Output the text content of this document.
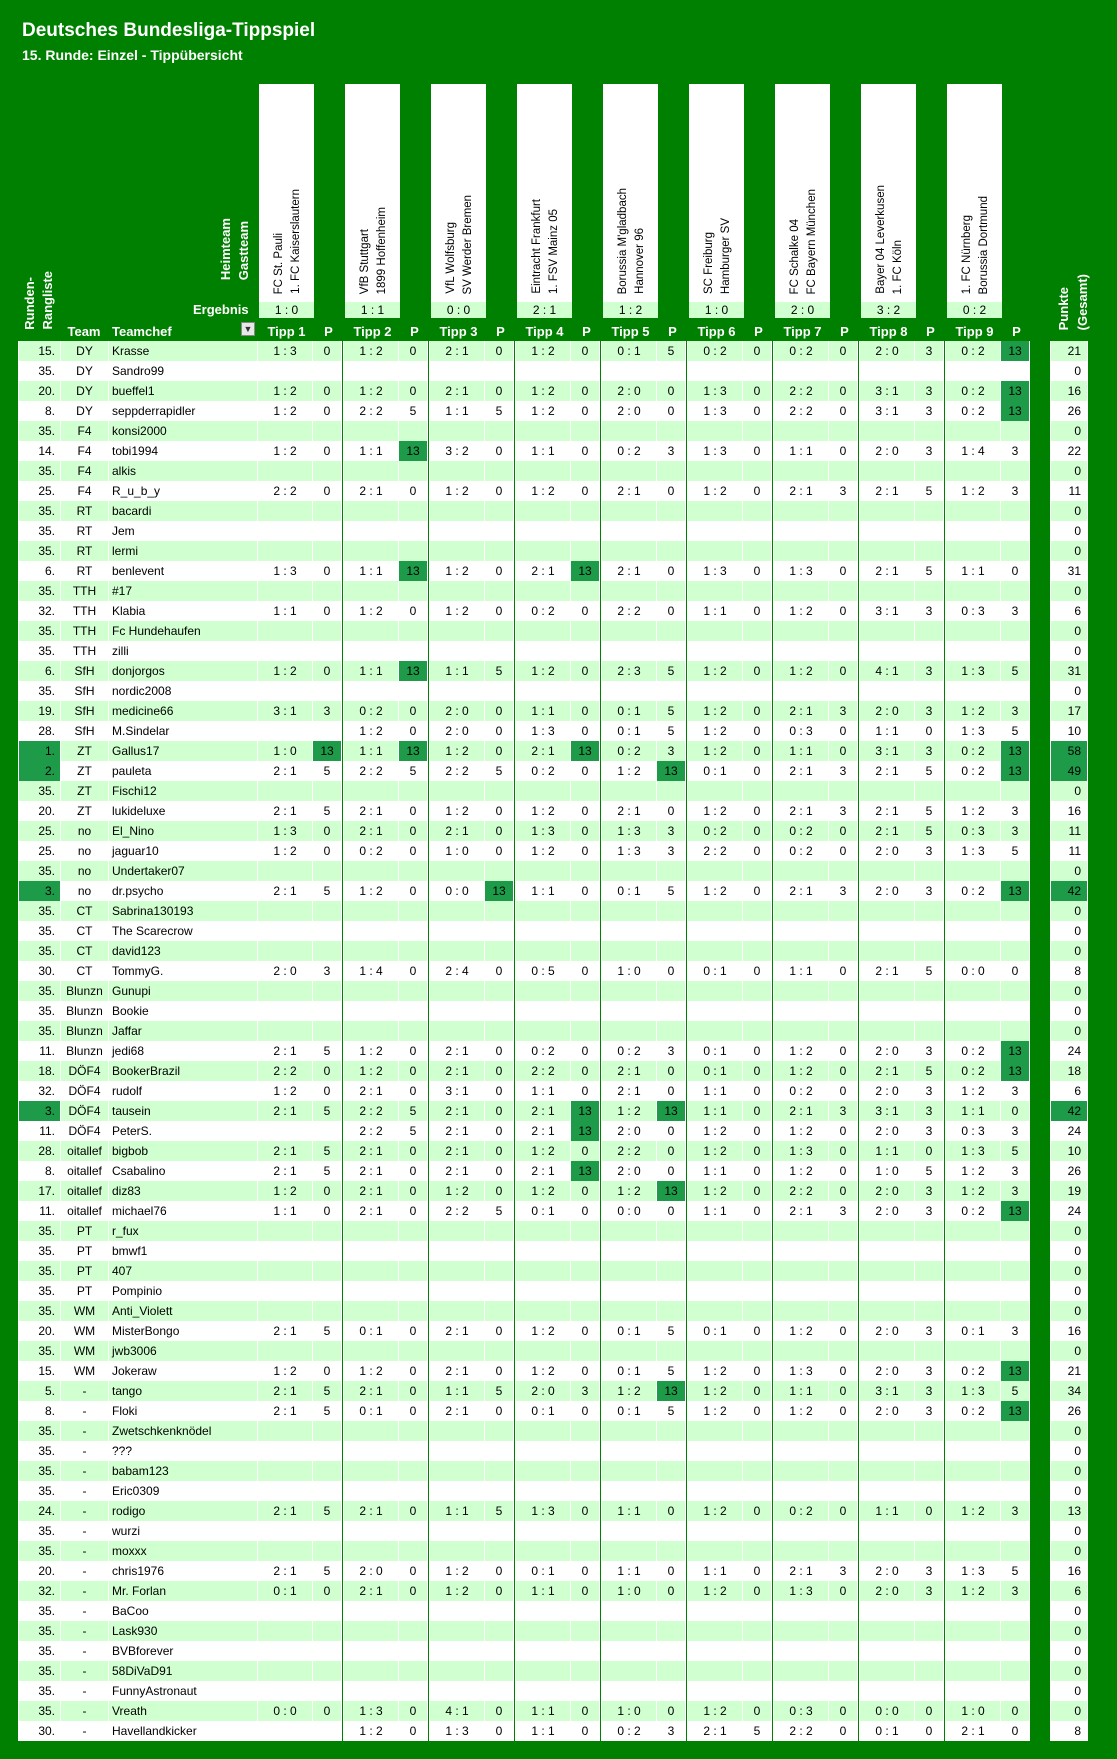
Deutsches Bundesliga-Tippspiel
15. Runde: Einzel - Tippübersicht
Runden- Rangliste
Heimteam Gastteam
Ergebnis	Punkte (Gesamt)
FC St. Pauli 1. FC Kaiserslautern
1 : 0
VfB Stuttgart 1899 Hoffenheim
1 : 1
VfL Wolfsburg SV Werder Bremen
0 : 0
Eintracht Frankfurt 1. FSV Mainz 05
2 : 1
Borussia M'gladbach Hannover 96
1 : 2
SC Freiburg Hamburger SV
1 : 0
FC Schalke 04 FC Bayern München
2 : 0
Bayer 04 Leverkusen 1. FC Köln
3 : 2
1. FC Nürnberg Borussia Dortmund
0 : 2
▼
15.	DY	Krasse	1 : 3	0		1 : 2	0		2 : 1	0		1 : 2	0		0 : 1	5		0 : 2	0		0 : 2	0		2 : 0	3		0 : 2	13		21
35.	DY	Sandro99																												0
20.	DY	bueffel1	1 : 2	0		1 : 2	0		2 : 1	0		1 : 2	0		2 : 0	0		1 : 3	0		2 : 2	0		3 : 1	3		0 : 2	13		16
8.	DY	seppderrapidler	1 : 2	0		2 : 2	5		1 : 1	5		1 : 2	0		2 : 0	0		1 : 3	0		2 : 2	0		3 : 1	3		0 : 2	13		26
35.	F4	konsi2000																												0
14.	F4	tobi1994	1 : 2	0		1 : 1	13		3 : 2	0		1 : 1	0		0 : 2	3		1 : 3	0		1 : 1	0		2 : 0	3		1 : 4	3		22
35.	F4	alkis																												0
25.	F4	R_u_b_y	2 : 2	0		2 : 1	0		1 : 2	0		1 : 2	0		2 : 1	0		1 : 2	0		2 : 1	3		2 : 1	5		1 : 2	3		11
35.	RT	bacardi																												0
35.	RT	Jem																												0
35.	RT	lermi																												0
6.	RT	benlevent	1 : 3	0		1 : 1	13		1 : 2	0		2 : 1	13		2 : 1	0		1 : 3	0		1 : 3	0		2 : 1	5		1 : 1	0		31
35.	TTH	#17																												0
32.	TTH	Klabia	1 : 1	0		1 : 2	0		1 : 2	0		0 : 2	0		2 : 2	0		1 : 1	0		1 : 2	0		3 : 1	3		0 : 3	3		6
35.	TTH	Fc Hundehaufen																												0
35.	TTH	zilli																												0
6.	SfH	donjorgos	1 : 2	0		1 : 1	13		1 : 1	5		1 : 2	0		2 : 3	5		1 : 2	0		1 : 2	0		4 : 1	3		1 : 3	5		31
35.	SfH	nordic2008																												0
19.	SfH	medicine66	3 : 1	3		0 : 2	0		2 : 0	0		1 : 1	0		0 : 1	5		1 : 2	0		2 : 1	3		2 : 0	3		1 : 2	3		17
28.	SfH	M.Sindelar				1 : 2	0		2 : 0	0		1 : 3	0		0 : 1	5		1 : 2	0		0 : 3	0		1 : 1	0		1 : 3	5		10
1.	ZT	Gallus17	1 : 0	13		1 : 1	13		1 : 2	0		2 : 1	13		0 : 2	3		1 : 2	0		1 : 1	0		3 : 1	3		0 : 2	13		58
2.	ZT	pauleta	2 : 1	5		2 : 2	5		2 : 2	5		0 : 2	0		1 : 2	13		0 : 1	0		2 : 1	3		2 : 1	5		0 : 2	13		49
35.	ZT	Fischi12																												0
20.	ZT	lukideluxe	2 : 1	5		2 : 1	0		1 : 2	0		1 : 2	0		2 : 1	0		1 : 2	0		2 : 1	3		2 : 1	5		1 : 2	3		16
25.	no	El_Nino	1 : 3	0		2 : 1	0		2 : 1	0		1 : 3	0		1 : 3	3		0 : 2	0		0 : 2	0		2 : 1	5		0 : 3	3		11
25.	no	jaguar10	1 : 2	0		0 : 2	0		1 : 0	0		1 : 2	0		1 : 3	3		2 : 2	0		0 : 2	0		2 : 0	3		1 : 3	5		11
35.	no	Undertaker07																												0
3.	no	dr.psycho	2 : 1	5		1 : 2	0		0 : 0	13		1 : 1	0		0 : 1	5		1 : 2	0		2 : 1	3		2 : 0	3		0 : 2	13		42
35.	CT	Sabrina130193																												0
35.	CT	The Scarecrow																												0
35.	CT	david123																												0
30.	CT	TommyG.	2 : 0	3		1 : 4	0		2 : 4	0		0 : 5	0		1 : 0	0		0 : 1	0		1 : 1	0		2 : 1	5		0 : 0	0		8
35.	Blunzn	Gunupi																												0
35.	Blunzn	Bookie																												0
35.	Blunzn	Jaffar																												0
11.	Blunzn	jedi68	2 : 1	5		1 : 2	0		2 : 1	0		0 : 2	0		0 : 2	3		0 : 1	0		1 : 2	0		2 : 0	3		0 : 2	13		24
18.	DÖF4	BookerBrazil	2 : 2	0		1 : 2	0		2 : 1	0		2 : 2	0		2 : 1	0		0 : 1	0		1 : 2	0		2 : 1	5		0 : 2	13		18
32.	DÖF4	rudolf	1 : 2	0		2 : 1	0		3 : 1	0		1 : 1	0		2 : 1	0		1 : 1	0		0 : 2	0		2 : 0	3		1 : 2	3		6
3.	DÖF4	tausein	2 : 1	5		2 : 2	5		2 : 1	0		2 : 1	13		1 : 2	13		1 : 1	0		2 : 1	3		3 : 1	3		1 : 1	0		42
11.	DÖF4	PeterS.				2 : 2	5		2 : 1	0		2 : 1	13		2 : 0	0		1 : 2	0		1 : 2	0		2 : 0	3		0 : 3	3		24
28.	oitallef	bigbob	2 : 1	5		2 : 1	0		2 : 1	0		1 : 2	0		2 : 2	0		1 : 2	0		1 : 3	0		1 : 1	0		1 : 3	5		10
8.	oitallef	Csabalino	2 : 1	5		2 : 1	0		2 : 1	0		2 : 1	13		2 : 0	0		1 : 1	0		1 : 2	0		1 : 0	5		1 : 2	3		26
17.	oitallef	diz83	1 : 2	0		2 : 1	0		1 : 2	0		1 : 2	0		1 : 2	13		1 : 2	0		2 : 2	0		2 : 0	3		1 : 2	3		19
11.	oitallef	michael76	1 : 1	0		2 : 1	0		2 : 2	5		0 : 1	0		0 : 0	0		1 : 1	0		2 : 1	3		2 : 0	3		0 : 2	13		24
35.	PT	r_fux																												0
35.	PT	bmwf1																												0
35.	PT	407																												0
35.	PT	Pompinio																												0
35.	WM	Anti_Violett																												0
20.	WM	MisterBongo	2 : 1	5		0 : 1	0		2 : 1	0		1 : 2	0		0 : 1	5		0 : 1	0		1 : 2	0		2 : 0	3		0 : 1	3		16
35.	WM	jwb3006																												0
15.	WM	Jokeraw	1 : 2	0		1 : 2	0		2 : 1	0		1 : 2	0		0 : 1	5		1 : 2	0		1 : 3	0		2 : 0	3		0 : 2	13		21
5.	-	tango	2 : 1	5		2 : 1	0		1 : 1	5		2 : 0	3		1 : 2	13		1 : 2	0		1 : 1	0		3 : 1	3		1 : 3	5		34
8.	-	Floki	2 : 1	5		0 : 1	0		2 : 1	0		0 : 1	0		0 : 1	5		1 : 2	0		1 : 2	0		2 : 0	3		0 : 2	13		26
35.	-	Zwetschkenknödel																												0
35.	-	???																												0
35.	-	babam123																												0
35.	-	Eric0309																												0
24.	-	rodigo	2 : 1	5		2 : 1	0		1 : 1	5		1 : 3	0		1 : 1	0		1 : 2	0		0 : 2	0		1 : 1	0		1 : 2	3		13
35.	-	wurzi																												0
35.	-	moxxx																												0
20.	-	chris1976	2 : 1	5		2 : 0	0		1 : 2	0		0 : 1	0		1 : 1	0		1 : 1	0		2 : 1	3		2 : 0	3		1 : 3	5		16
32.	-	Mr. Forlan	0 : 1	0		2 : 1	0		1 : 2	0		1 : 1	0		1 : 0	0		1 : 2	0		1 : 3	0		2 : 0	3		1 : 2	3		6
35.	-	BaCoo																												0
35.	-	Lask930																												0
35.	-	BVBforever																												0
35.	-	58DiVaD91																												0
35.	-	FunnyAstronaut																												0
35.	-	Vreath	0 : 0	0		1 : 3	0		4 : 1	0		1 : 1	0		1 : 0	0		1 : 2	0		0 : 3	0		0 : 0	0		1 : 0	0		0
30.	-	Havellandkicker				1 : 2	0		1 : 3	0		1 : 1	0		0 : 2	3		2 : 1	5		2 : 2	0		0 : 1	0		2 : 1	0		8
Team Teamchef	Tipp 1	P	Tipp 2	P	Tipp 3	P	Tipp 4	P	Tipp 5	P	Tipp 6	P	Tipp 7	P	Tipp 8	P	Tipp 9	P
